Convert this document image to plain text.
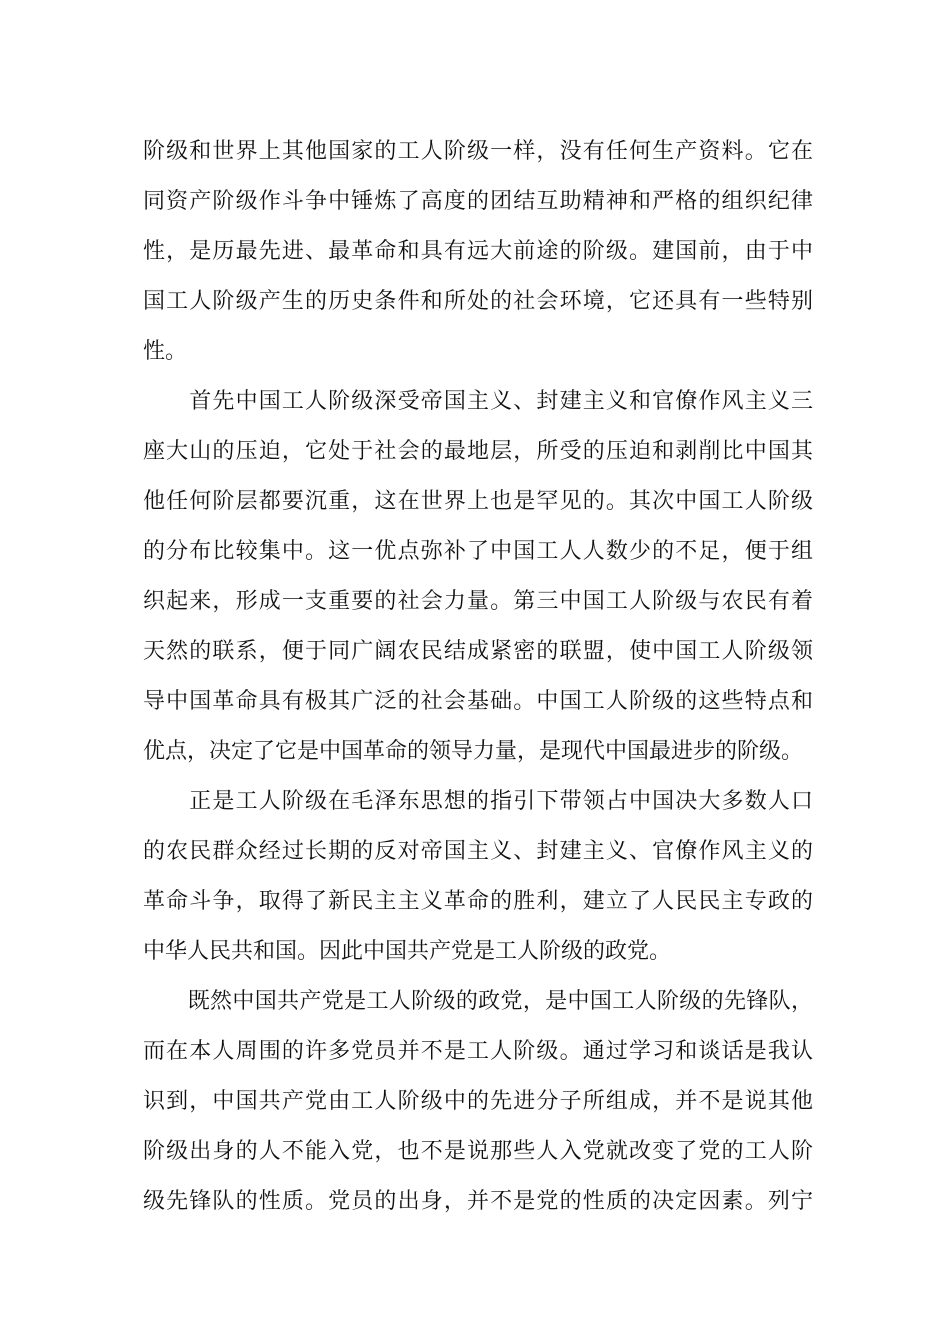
阶级和世界上其他国家的工人阶级一样，没有任何生产资料。它在
同资产阶级作斗争中锤炼了高度的团结互助精神和严格的组织纪律
性，是历最先进、最革命和具有远大前途的阶级。建国前，由于中
国工人阶级产生的历史条件和所处的社会环境，它还具有一些特别
性。
　　首先中国工人阶级深受帝国主义、封建主义和官僚作风主义三
座大山的压迫，它处于社会的最地层，所受的压迫和剥削比中国其
他任何阶层都要沉重，这在世界上也是罕见的。其次中国工人阶级
的分布比较集中。这一优点弥补了中国工人人数少的不足，便于组
织起来，形成一支重要的社会力量。第三中国工人阶级与农民有着
天然的联系，便于同广阔农民结成紧密的联盟，使中国工人阶级领
导中国革命具有极其广泛的社会基础。中国工人阶级的这些特点和
优点，决定了它是中国革命的领导力量，是现代中国最进步的阶级。
　　正是工人阶级在毛泽东思想的指引下带领占中国决大多数人口
的农民群众经过长期的反对帝国主义、封建主义、官僚作风主义的
革命斗争，取得了新民主主义革命的胜利，建立了人民民主专政的
中华人民共和国。因此中国共产党是工人阶级的政党。
　　既然中国共产党是工人阶级的政党，是中国工人阶级的先锋队，
而在本人周围的许多党员并不是工人阶级。通过学习和谈话是我认
识到，中国共产党由工人阶级中的先进分子所组成，并不是说其他
阶级出身的人不能入党，也不是说那些人入党就改变了党的工人阶
级先锋队的性质。党员的出身，并不是党的性质的决定因素。列宁
